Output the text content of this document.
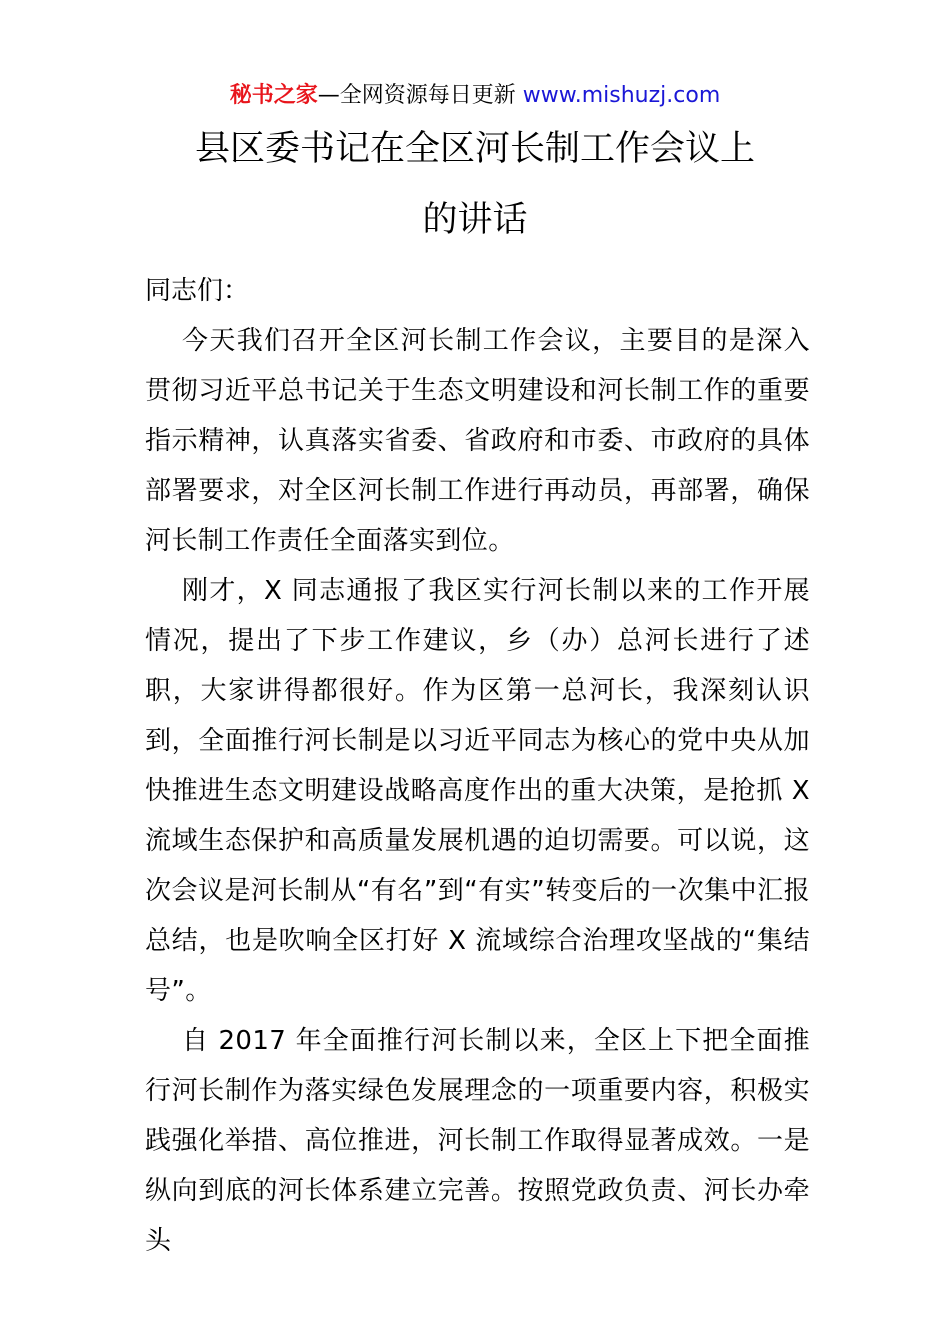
秘书之家—全网资源每日更新 www.mishuzj.com
县区委书记在全区河长制工作会议上
的讲话

同志们：

今天我们召开全区河长制工作会议，主要目的是深入贯彻习近平总书记关于生态文明建设和河长制工作的重要指示精神，认真落实省委、省政府和市委、市政府的具体部署要求，对全区河长制工作进行再动员，再部署，确保河长制工作责任全面落实到位。

刚才，X 同志通报了我区实行河长制以来的工作开展情况，提出了下步工作建议，乡（办）总河长进行了述职，大家讲得都很好。作为区第一总河长，我深刻认识到，全面推行河长制是以习近平同志为核心的党中央从加快推进生态文明建设战略高度作出的重大决策，是抢抓 X 流域生态保护和高质量发展机遇的迫切需要。可以说，这次会议是河长制从“有名”到“有实”转变后的一次集中汇报总结，也是吹响全区打好 X 流域综合治理攻坚战的“集结号”。

自 2017 年全面推行河长制以来，全区上下把全面推行河长制作为落实绿色发展理念的一项重要内容，积极实践强化举措、高位推进，河长制工作取得显著成效。一是纵向到底的河长体系建立完善。按照党政负责、河长办牵头
